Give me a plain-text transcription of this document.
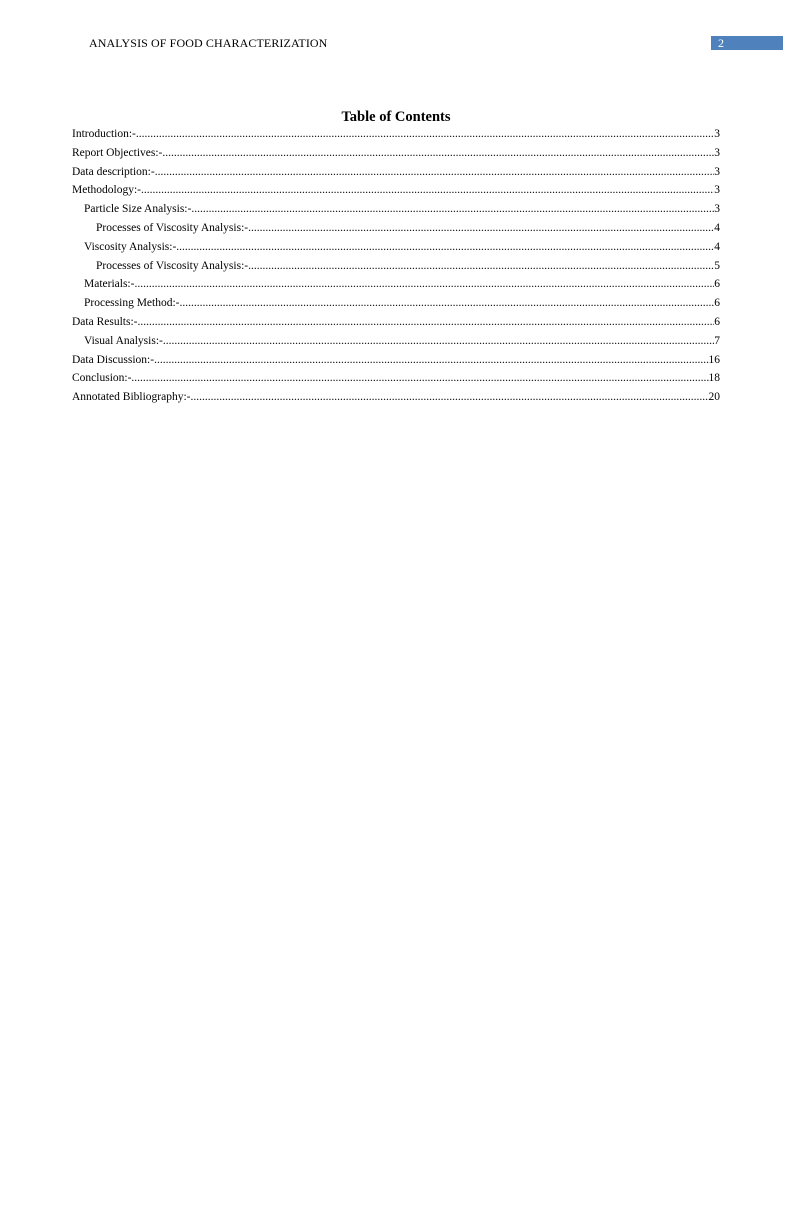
ANALYSIS OF FOOD CHARACTERIZATION	2
Table of Contents
Introduction:- .....	3
Report Objectives:- .....	3
Data description:- .....	3
Methodology:- .....	3
Particle Size Analysis:- .....	3
Processes of Viscosity Analysis:- .....	4
Viscosity Analysis:- .....	4
Processes of Viscosity Analysis:- .....	5
Materials:- .....	6
Processing Method:- .....	6
Data Results:- .....	6
Visual Analysis:- .....	7
Data Discussion:- .....	16
Conclusion:- .....	18
Annotated Bibliography:- .....	20
